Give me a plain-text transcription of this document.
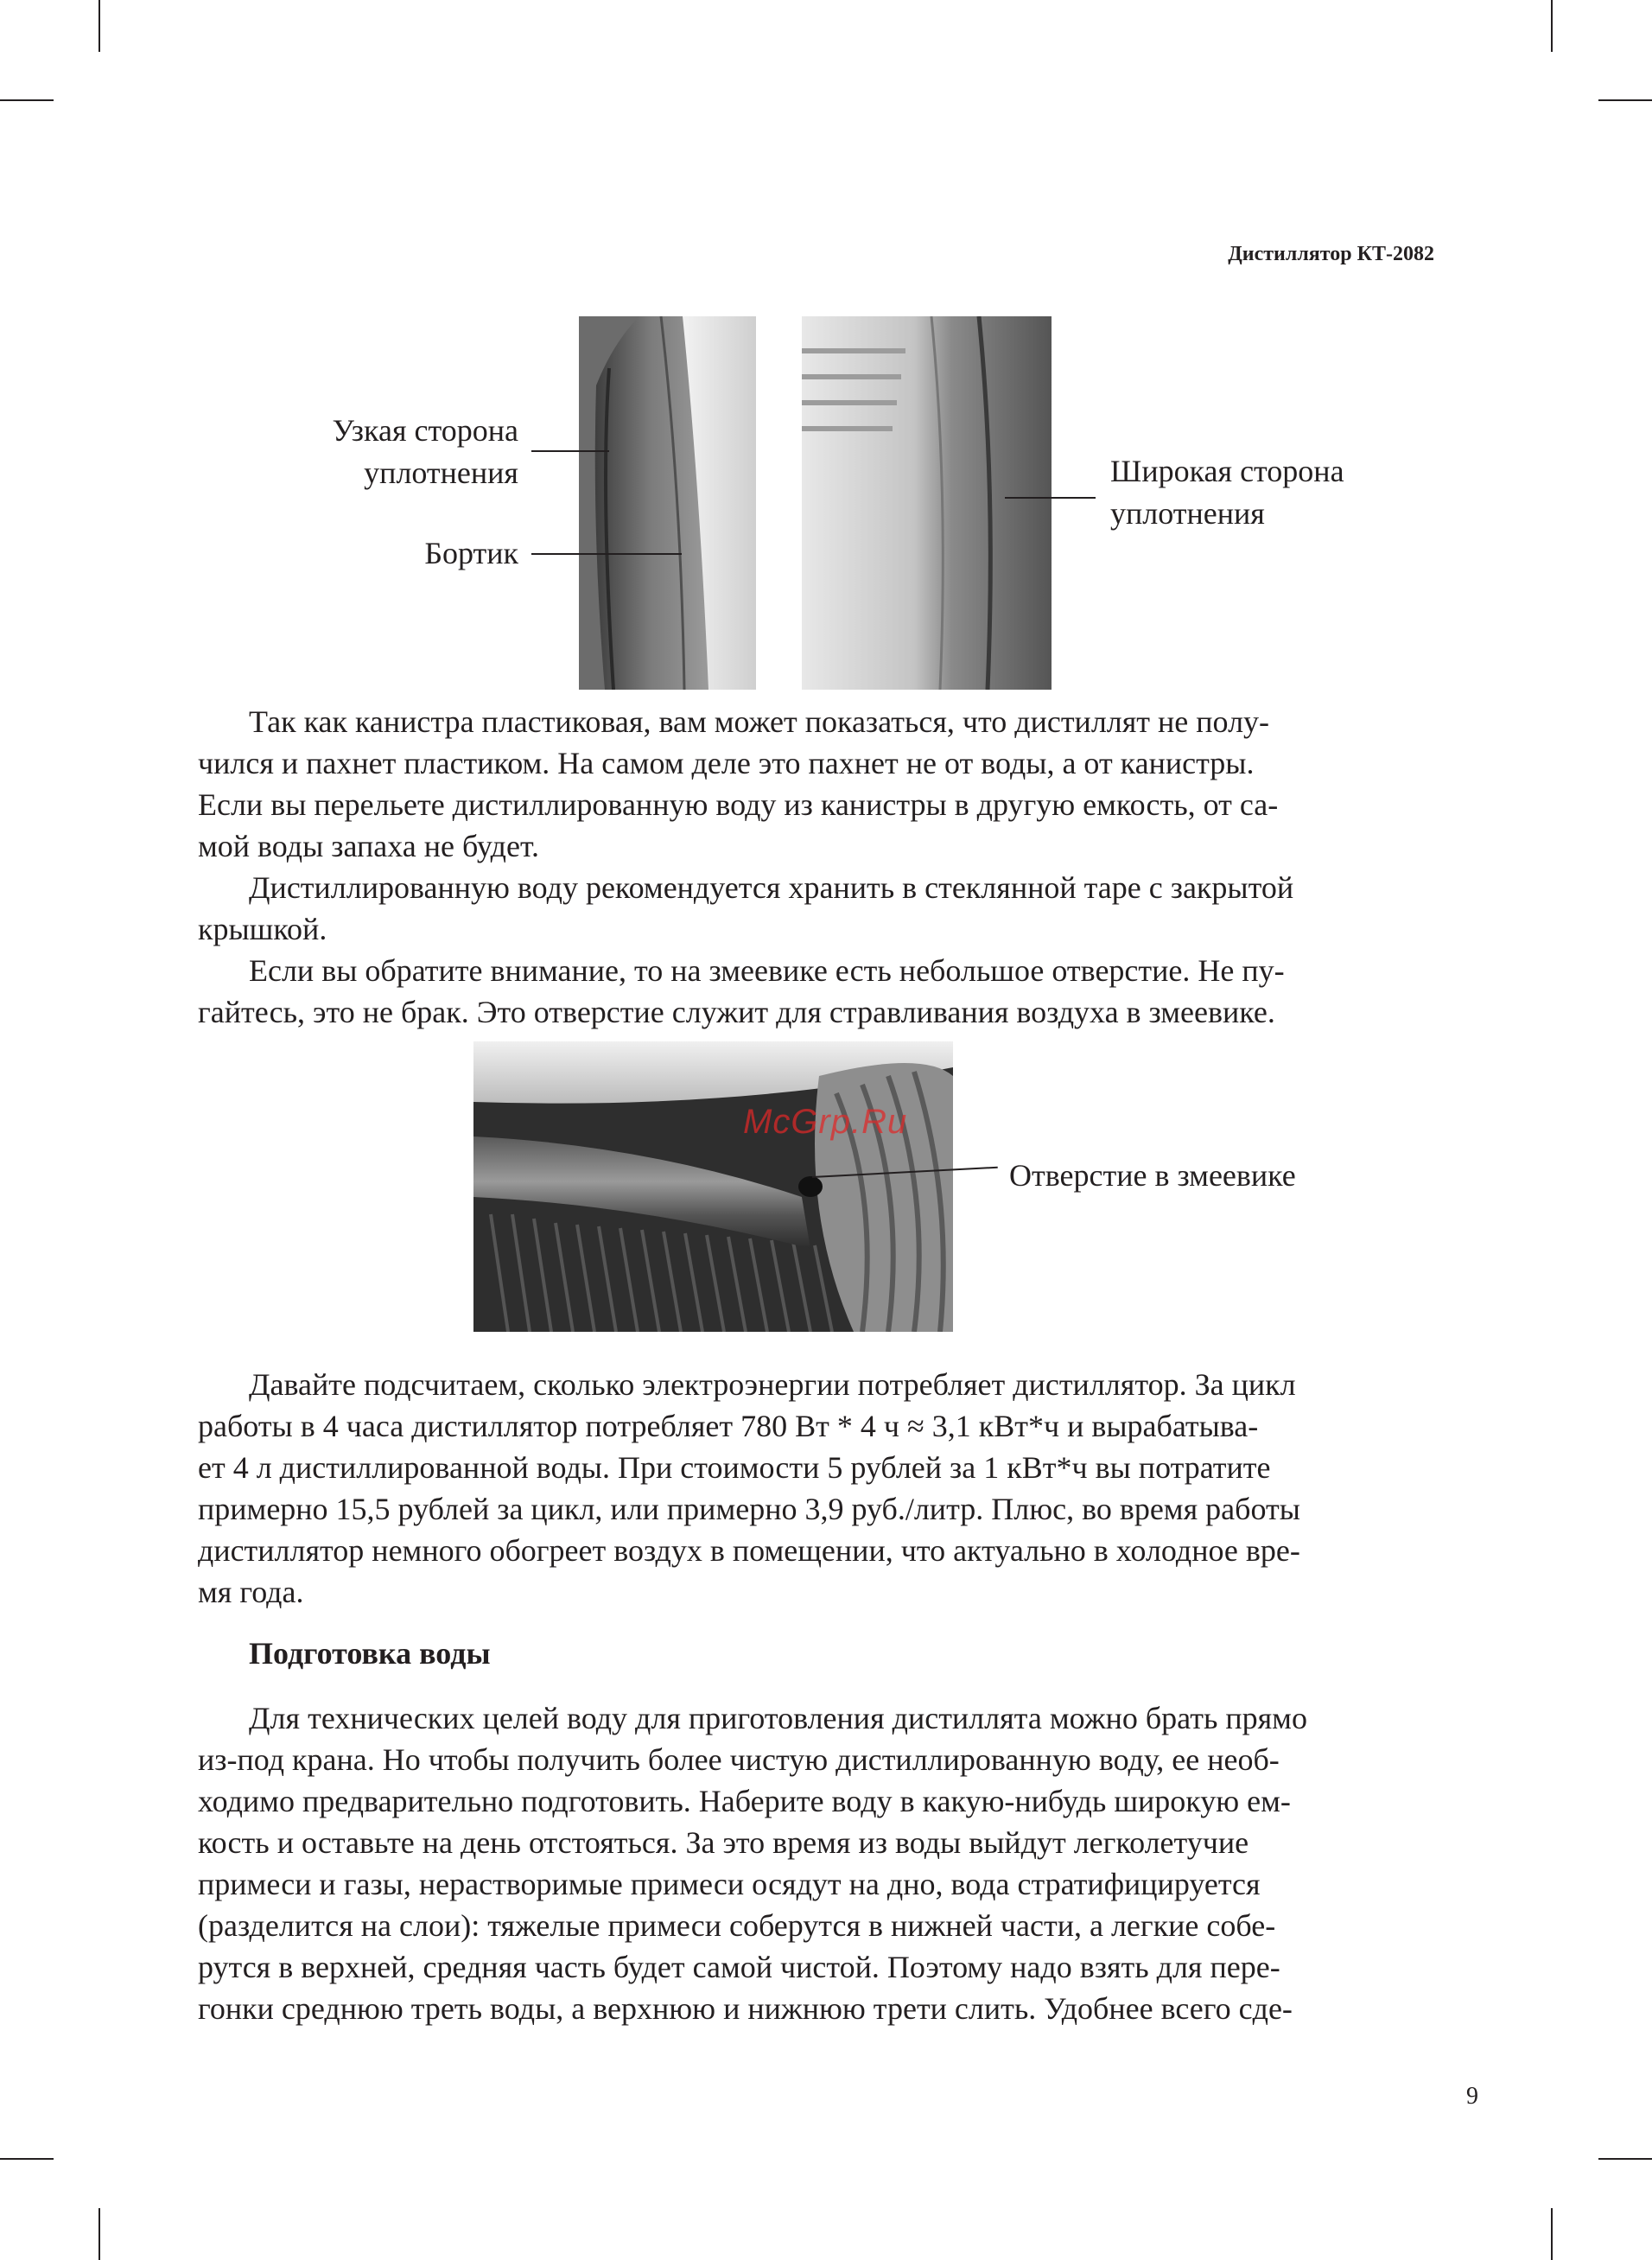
Дистиллятор КТ-2082
Узкая сторона
уплотнения
Бортик
Широкая сторона
уплотнения

Так как канистра пластиковая, вам может показаться, что дистиллят не полу-
чился и пахнет пластиком. На самом деле это пахнет не от воды, а от канистры.
Если вы перельете дистиллированную воду из канистры в другую емкость, от са-
мой воды запаха не будет.

Дистиллированную воду рекомендуется хранить в стеклянной таре с закрытой
крышкой.

Если вы обратите внимание, то на змеевике есть небольшое отверстие. Не пу-
гайтесь, это не брак. Это отверстие служит для стравливания воздуха в змеевике.

McGrp.Ru
Отверстие в змеевике

Давайте подсчитаем, сколько электроэнергии потребляет дистиллятор. За цикл
работы в 4 часа дистиллятор потребляет 780 Вт * 4 ч ≈ 3,1 кВт*ч и вырабатыва-
ет 4 л дистиллированной воды. При стоимости 5 рублей за 1 кВт*ч вы потратите
примерно 15,5 рублей за цикл, или примерно 3,9 руб./литр. Плюс, во время работы
дистиллятор немного обогреет воздух в помещении, что актуально в холодное вре-
мя года.

Подготовка воды

Для технических целей воду для приготовления дистиллята можно брать прямо
из-под крана. Но чтобы получить более чистую дистиллированную воду, ее необ-
ходимо предварительно подготовить. Наберите воду в какую-нибудь широкую ем-
кость и оставьте на день отстояться. За это время из воды выйдут легколетучие
примеси и газы, нерастворимые примеси осядут на дно, вода стратифицируется
(разделится на слои): тяжелые примеси соберутся в нижней части, а легкие собе-
рутся в верхней, средняя часть будет самой чистой. Поэтому надо взять для пере-
гонки среднюю треть воды, а верхнюю и нижнюю трети слить. Удобнее всего сде-

9
